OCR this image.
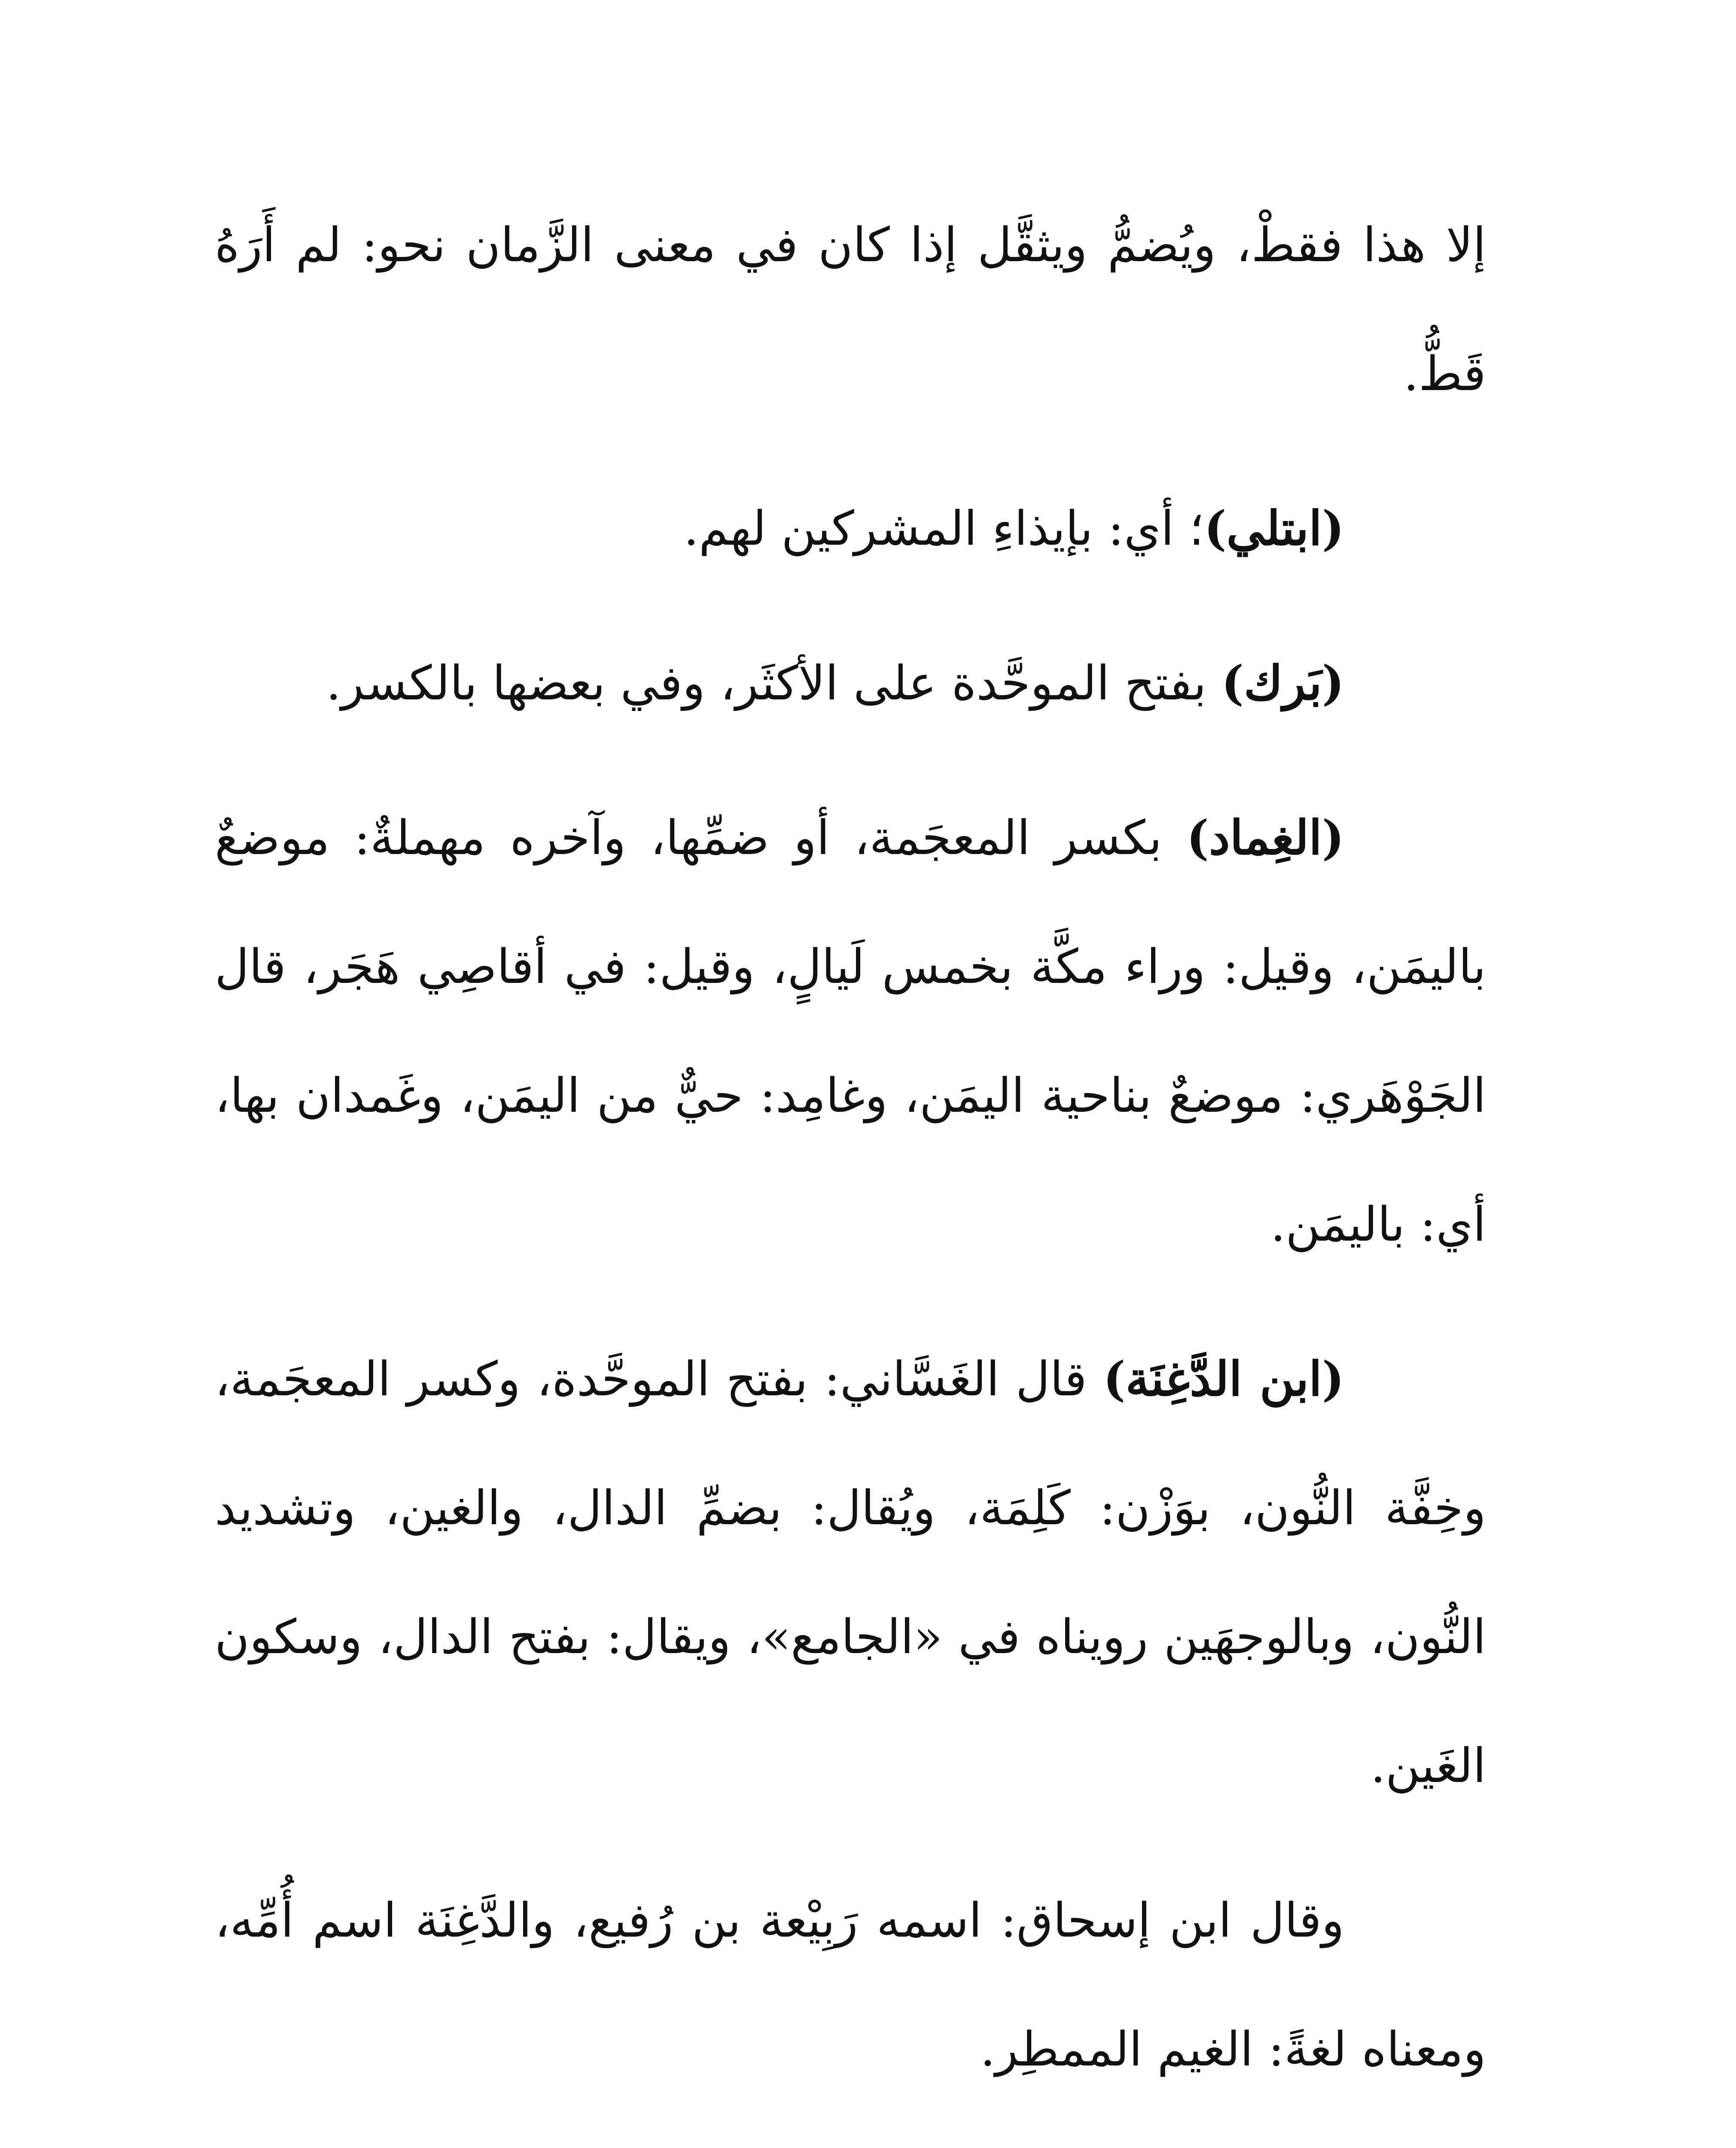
إلا هذا فقطْ، ويُضمُّ ويثقَّل إذا كان في معنى الزَّمان نحو: لم أَرَهُ قَطُّ.

(ابتلي)؛ أي: بإيذاءِ المشركين لهم.

(بَرك) بفتح الموحَّدة على الأكثَر، وفي بعضها بالكسر.

(الغِماد) بكسر المعجَمة، أو ضمِّها، وآخره مهملةٌ: موضعٌ باليمَن، وقيل: وراء مكَّة بخمس لَيالٍ، وقيل: في أقاصِي هَجَر، قال الجَوْهَري: موضعٌ بناحية اليمَن، وغامِد: حيٌّ من اليمَن، وغَمدان بها، أي: باليمَن.

(ابن الدَّغِنَة) قال الغَسَّاني: بفتح الموحَّدة، وكسر المعجَمة، وخِفَّة النُّون، بوَزْن: كَلِمَة، ويُقال: بضمِّ الدال، والغين، وتشديد النُّون، وبالوجهَين رويناه في «الجامع»، ويقال: بفتح الدال، وسكون الغَين.

وقال ابن إسحاق: اسمه رَبِيْعة بن رُفيع، والدَّغِنَة اسم أُمِّه، ومعناه لغةً: الغيم الممطِر.
